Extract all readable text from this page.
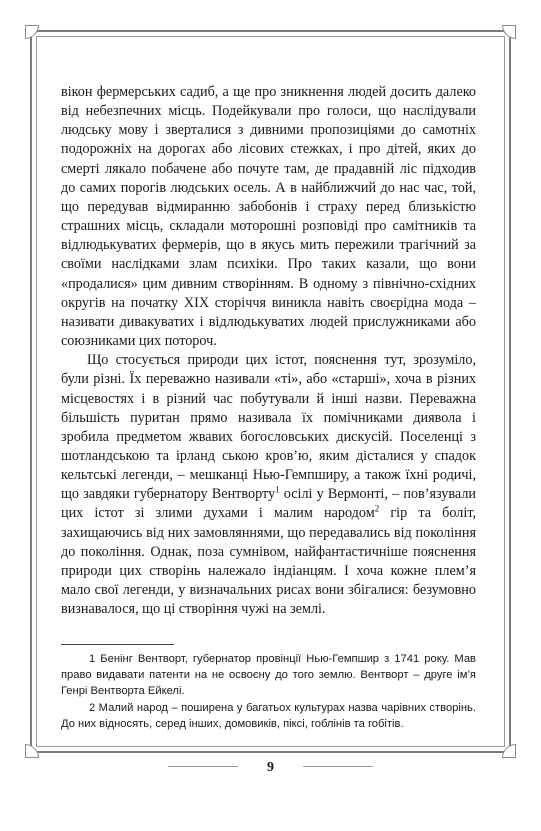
вікон фермерських садиб, а ще про зникнення людей досить далеко від небезпечних місць. Подейкували про голоси, що наслідували людську мову і зверталися з дивними пропозиціями до самотніх подорожніх на дорогах або лісових стежках, і про дітей, яких до смерті лякало побачене або почуте там, де прадавній ліс підходив до самих порогів людських осель. А в найближчий до нас час, той, що передував відмиранню забобонів і страху перед близькістю страшних місць, складали моторошні розповіді про самітників та відлюдькуватих фермерів, що в якусь мить пережили трагічний за своїми наслідками злам психіки. Про таких казали, що вони «продалися» цим дивним створінням. В одному з північно-східних округів на початку XIX сторіччя виникла навіть своєрідна мода – називати дивакуватих і відлюдькуватих людей прислужниками або союзниками цих потороч.

Що стосується природи цих істот, пояснення тут, зрозуміло, були різні. Їх переважно називали «ті», або «старші», хоча в різних місцевостях і в різний час побутували й інші назви. Переважна більшість пуритан прямо називала їх помічниками диявола і зробила предметом жвавих богословських дискусій. Поселенці з шотландською та ірланд ською кров’ю, яким дісталися у спадок кельтські легенди, – мешканці Нью-Гемпширу, а також їхні родичі, що завдяки губернатору Вентворту$^1$ осілі у Вермонті, – пов’язували цих істот зі злими духами і малим народом$^2$ гір та боліт, захищаючись від них замовляннями, що передавались від покоління до покоління. Однак, поза сумнівом, найфантастичніше пояснення природи цих створінь належало індіанцям. І хоча кожне плем’я мало свої легенди, у визначальних рисах вони збігалися: безумовно визнавалося, що ці створіння чужі на землі.

1 Бенінг Вентворт, губернатор провінції Нью-Гемпшир з 1741 року. Мав право видавати патенти на не освоєну до того землю. Вентворт – друге ім’я Генрі Вентворта Ейкелі.

2 Малий народ – поширена у багатьох культурах назва чарівних створінь. До них відносять, серед інших, домовиків, піксі, гоблінів та гобітів.

9
